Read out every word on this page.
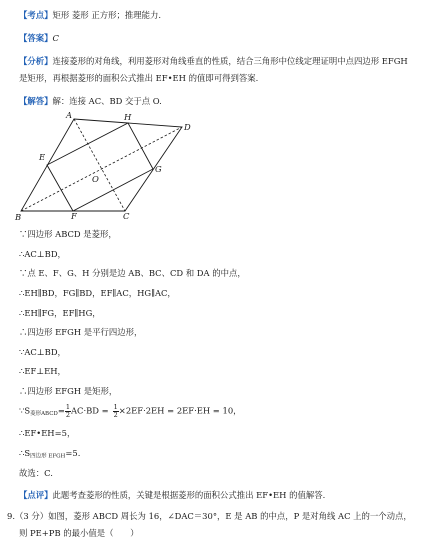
【考点】矩形 菱形 正方形；推理能力.
【答案】C
【分析】连接菱形的对角线，利用菱形对角线垂直的性质，结合三角形中位线定理证明中点四边形 EFGH
是矩形，再根据菱形的面积公式推出 EF•EH 的值即可得到答案.
【解答】解：连接 AC、BD 交于点 O.
A	H
D
E
O
G
B	F	C
∵四边形 ABCD 是菱形，
∴AC⊥BD，
∵点 E、F、G、H 分别是边 AB、BC、CD 和 DA 的中点，
∴EH∥BD，FG∥BD，EF∥AC，HG∥AC，
∴EH∥FG，EF∥HG，
∴四边形 EFGH 是平行四边形，
∵AC⊥BD，
∴EF⊥EH，
∴四边形 EFGH 是矩形，
$\because S_{菱形ABCD}= \frac{1}{2} AC\cdot BD = \frac{1}{2} \times 2EF\cdot 2EH = 2EF\cdot EH = 10$，
∴EF•EH=5，
$\therefore S_{四边形 EFGH}=5$.
故选：C.
【点评】此题考查菱形的性质，关键是根据菱形的面积公式推出 EF•EH 的值解答.
9.（3 分）如图，菱形 ABCD 周长为 16，∠DAC＝30°，E 是 AB 的中点，P 是对角线 AC 上的一个动点，
则 PE+PB 的最小值是（　　）
